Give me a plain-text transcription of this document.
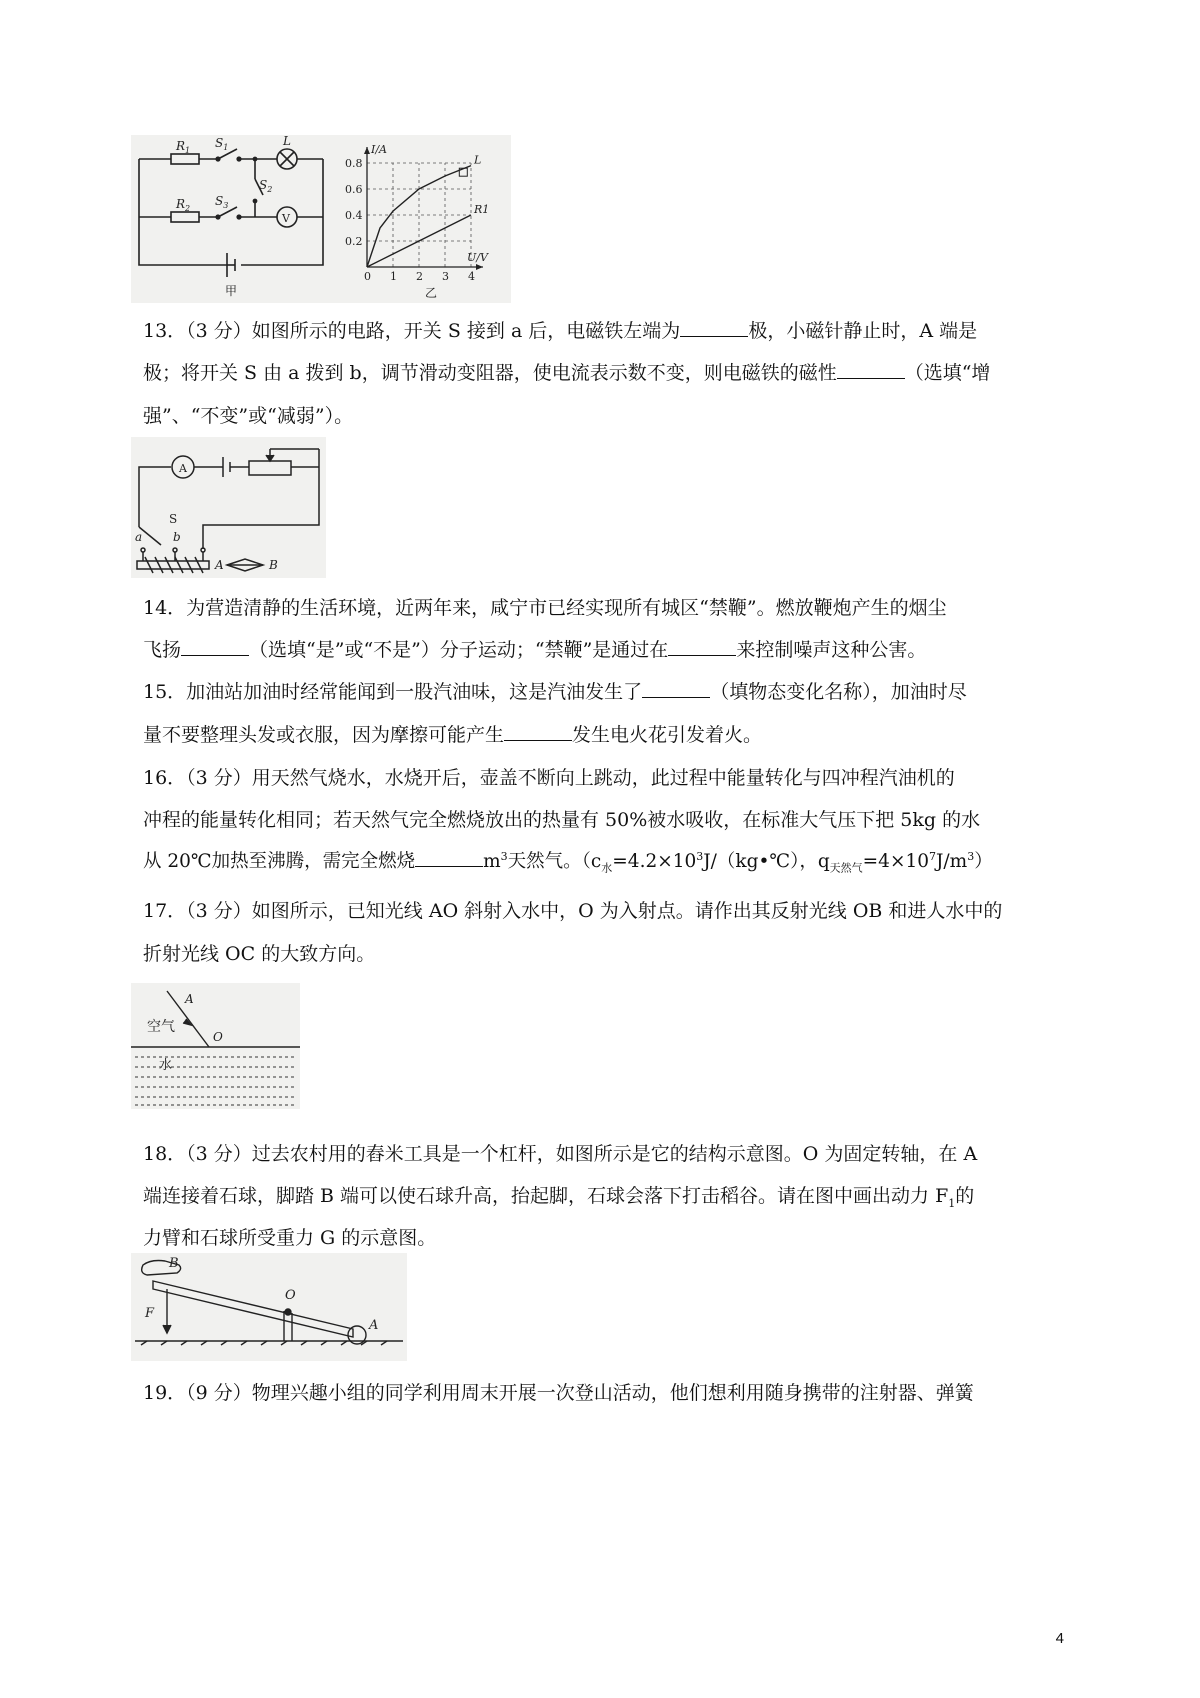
$R_1$
$S_1$	L
$S_2$
$R_2$
$S_3$
V
甲
0 1 2 3 4
0.2
0.4
0.6
0.8
I/A
U/V
L
R1
乙

13．（3 分）如图所示的电路，开关 S 接到 a 后，电磁铁左端为	极，小磁针静止时，A 端是

极；将开关 S 由 a 拨到 b，调节滑动变阻器，使电流表示数不变，则电磁铁的磁性	（选填“增

强”、“不变”或“减弱”）。

A
S
a	b
A	B

14．为营造清静的生活环境，近两年来，咸宁市已经实现所有城区“禁鞭”。燃放鞭炮产生的烟尘

飞扬	（选填“是”或“不是”）分子运动；“禁鞭”是通过在	来控制噪声这种公害。

15．加油站加油时经常能闻到一股汽油味，这是汽油发生了	（填物态变化名称），加油时尽

量不要整理头发或衣服，因为摩擦可能产生	发生电火花引发着火。

16．（3 分）用天然气烧水，水烧开后，壶盖不断向上跳动，此过程中能量转化与四冲程汽油机的

冲程的能量转化相同；若天然气完全燃烧放出的热量有 50%被水吸收，在标准大气压下把 5kg 的水

从 20℃加热至沸腾，需完全燃烧	$m^3$天然气。（$c_水=4.2\times 10^3J/(kg•℃)$，$q_{天然气}=4\times 10^7J/m^3$）

17．（3 分）如图所示，已知光线 AO 斜射入水中，O 为入射点。请作出其反射光线 OB 和进人水中的

折射光线 OC 的大致方向。

A
O
空气
水

18．（3 分）过去农村用的舂米工具是一个杠杆，如图所示是它的结构示意图。O 为固定转轴，在 A

端连接着石球，脚踏 B 端可以使石球升高，抬起脚，石球会落下打击稻谷。请在图中画出动力 $F_1$的

力臂和石球所受重力 G 的示意图。

B
O
A
F

19．（9 分）物理兴趣小组的同学利用周末开展一次登山活动，他们想利用随身携带的注射器、弹簧

4
